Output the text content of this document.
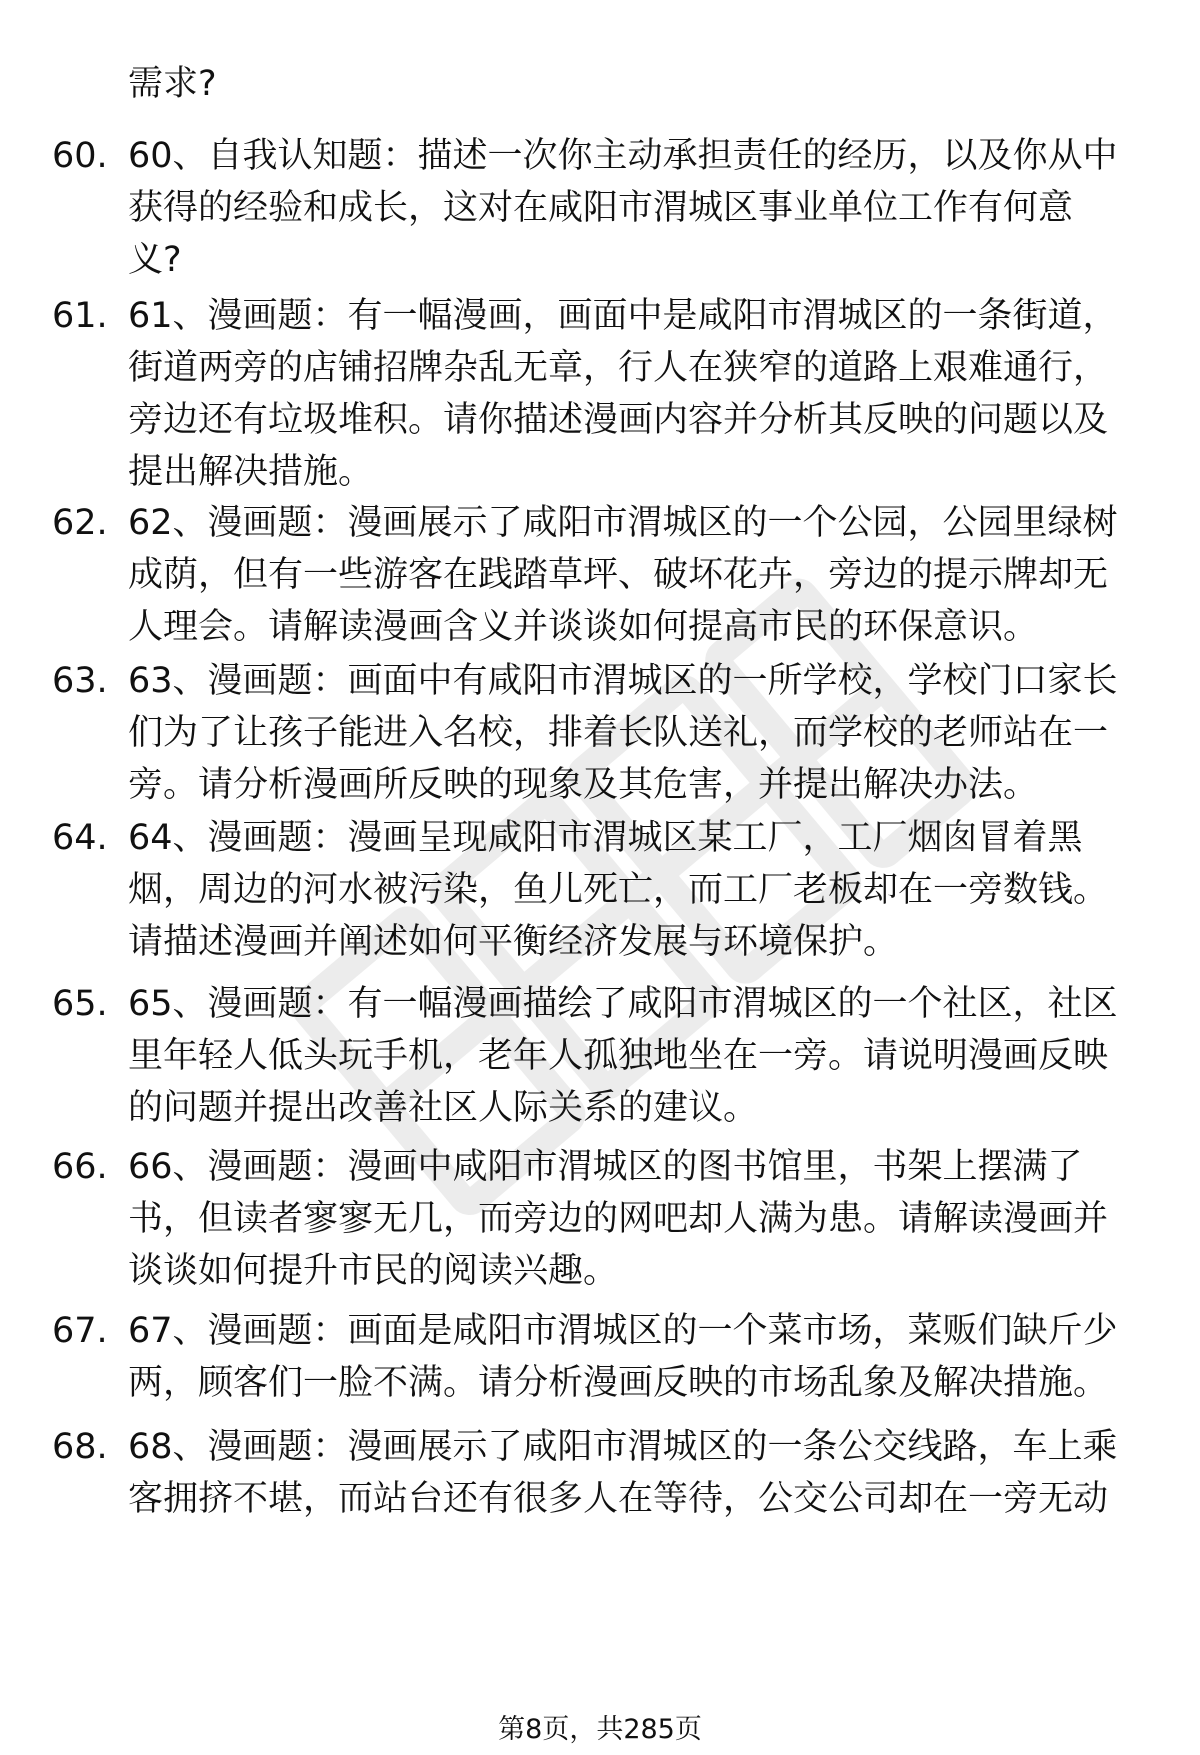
需求?
60. 60、自我认知题：描述一次你主动承担责任的经历，以及你从中
获得的经验和成长，这对在咸阳市渭城区事业单位工作有何意
义?
61. 61、漫画题：有一幅漫画，画面中是咸阳市渭城区的一条街道，
街道两旁的店铺招牌杂乱无章，行人在狭窄的道路上艰难通行，
旁边还有垃圾堆积。请你描述漫画内容并分析其反映的问题以及
提出解决措施。
62. 62、漫画题：漫画展示了咸阳市渭城区的一个公园，公园里绿树
成荫，但有一些游客在践踏草坪、破坏花卉，旁边的提示牌却无
人理会。请解读漫画含义并谈谈如何提高市民的环保意识。
63. 63、漫画题：画面中有咸阳市渭城区的一所学校，学校门口家长
们为了让孩子能进入名校，排着长队送礼，而学校的老师站在一
旁。请分析漫画所反映的现象及其危害，并提出解决办法。
64. 64、漫画题：漫画呈现咸阳市渭城区某工厂，工厂烟囱冒着黑
烟，周边的河水被污染，鱼儿死亡，而工厂老板却在一旁数钱。
请描述漫画并阐述如何平衡经济发展与环境保护。
65. 65、漫画题：有一幅漫画描绘了咸阳市渭城区的一个社区，社区
里年轻人低头玩手机，老年人孤独地坐在一旁。请说明漫画反映
的问题并提出改善社区人际关系的建议。
66. 66、漫画题：漫画中咸阳市渭城区的图书馆里，书架上摆满了
书，但读者寥寥无几，而旁边的网吧却人满为患。请解读漫画并
谈谈如何提升市民的阅读兴趣。
67. 67、漫画题：画面是咸阳市渭城区的一个菜市场，菜贩们缺斤少
两，顾客们一脸不满。请分析漫画反映的市场乱象及解决措施。
68. 68、漫画题：漫画展示了咸阳市渭城区的一条公交线路，车上乘
客拥挤不堪，而站台还有很多人在等待，公交公司却在一旁无动
第8页，共285页
